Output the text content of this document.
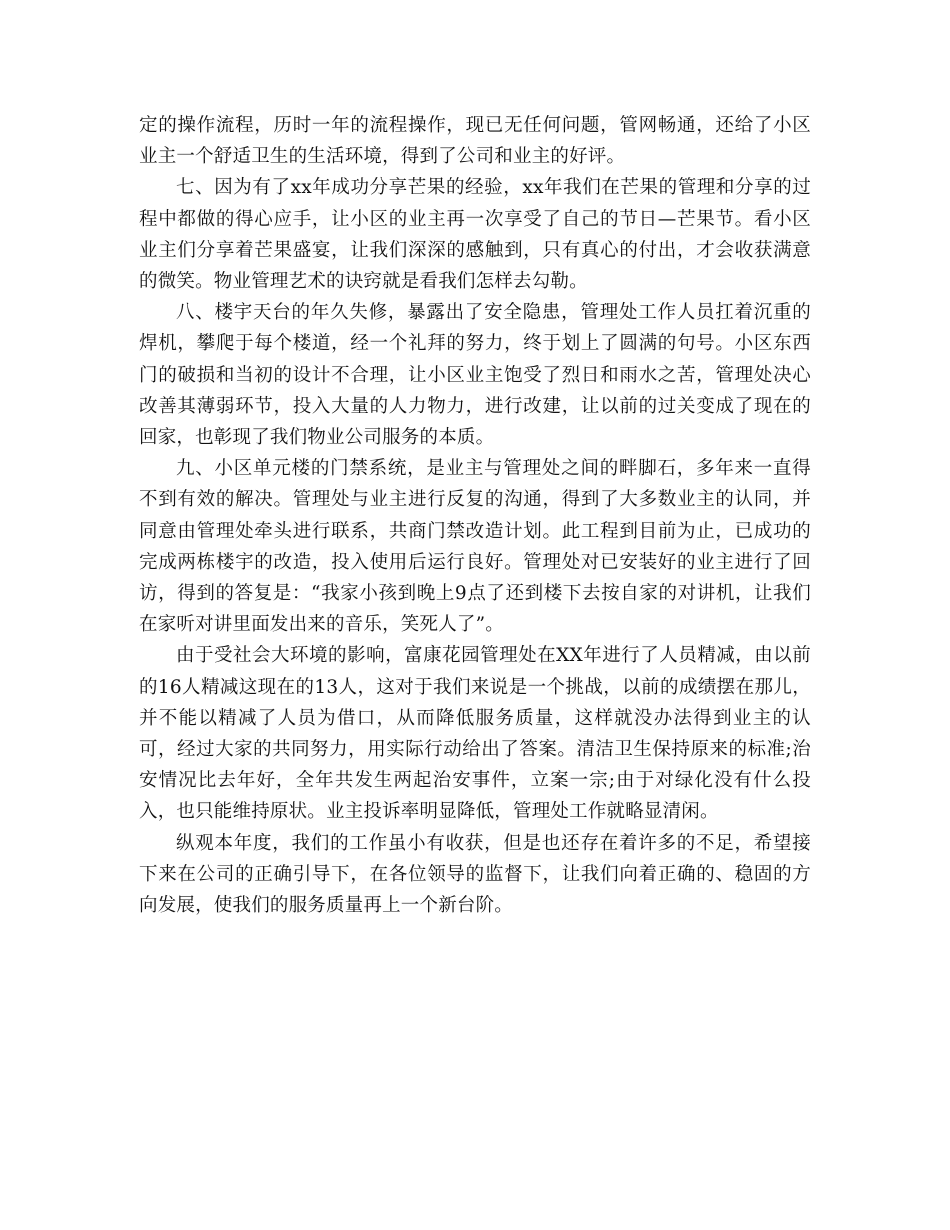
定的操作流程，历时一年的流程操作，现已无任何问题，管网畅通，还给了小区业主一个舒适卫生的生活环境，得到了公司和业主的好评。

七、因为有了xx年成功分享芒果的经验，xx年我们在芒果的管理和分享的过程中都做的得心应手，让小区的业主再一次享受了自己的节日—芒果节。看小区业主们分享着芒果盛宴，让我们深深的感触到，只有真心的付出，才会收获满意的微笑。物业管理艺术的诀窍就是看我们怎样去勾勒。

八、楼宇天台的年久失修，暴露出了安全隐患，管理处工作人员扛着沉重的焊机，攀爬于每个楼道，经一个礼拜的努力，终于划上了圆满的句号。小区东西门的破损和当初的设计不合理，让小区业主饱受了烈日和雨水之苦，管理处决心改善其薄弱环节，投入大量的人力物力，进行改建，让以前的过关变成了现在的回家，也彰现了我们物业公司服务的本质。

九、小区单元楼的门禁系统，是业主与管理处之间的畔脚石，多年来一直得不到有效的解决。管理处与业主进行反复的沟通，得到了大多数业主的认同，并同意由管理处牵头进行联系，共商门禁改造计划。此工程到目前为止，已成功的完成两栋楼宇的改造，投入使用后运行良好。管理处对已安装好的业主进行了回访，得到的答复是：“我家小孩到晚上9点了还到楼下去按自家的对讲机，让我们在家听对讲里面发出来的音乐，笑死人了”。

由于受社会大环境的影响，富康花园管理处在XX年进行了人员精减，由以前的16人精减这现在的13人，这对于我们来说是一个挑战，以前的成绩摆在那儿，并不能以精减了人员为借口，从而降低服务质量，这样就没办法得到业主的认可，经过大家的共同努力，用实际行动给出了答案。清洁卫生保持原来的标准;治安情况比去年好，全年共发生两起治安事件，立案一宗;由于对绿化没有什么投入，也只能维持原状。业主投诉率明显降低，管理处工作就略显清闲。

纵观本年度，我们的工作虽小有收获，但是也还存在着许多的不足，希望接下来在公司的正确引导下，在各位领导的监督下，让我们向着正确的、稳固的方向发展，使我们的服务质量再上一个新台阶。
